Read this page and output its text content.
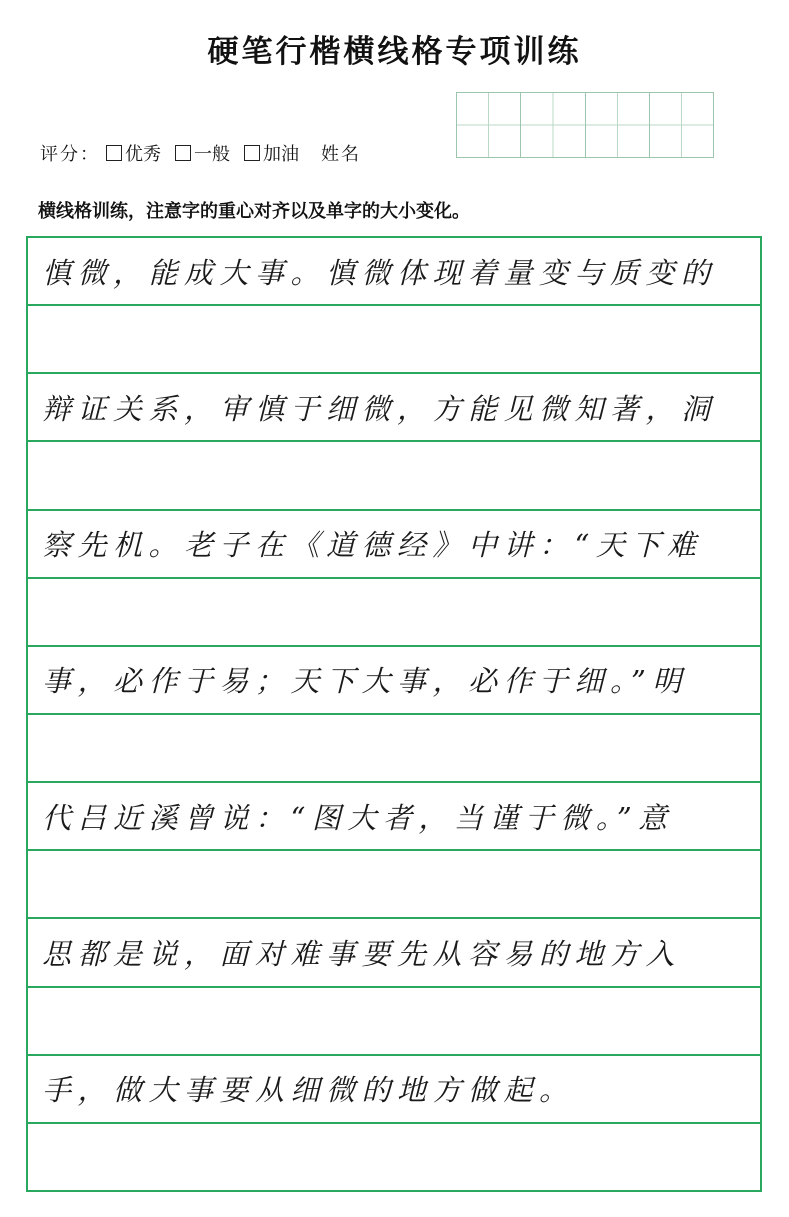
硬笔行楷横线格专项训练
评分： 优秀 一般 加油 姓名
横线格训练，注意字的重心对齐以及单字的大小变化。
慎微，能成大事。慎微体现着量变与质变的
辩证关系，审慎于细微，方能见微知著，洞
察先机。老子在《道德经》中讲：“天下难
事，必作于易；天下大事，必作于细。”明
代吕近溪曾说：“图大者，当谨于微。”意
思都是说，面对难事要先从容易的地方入
手，做大事要从细微的地方做起。
